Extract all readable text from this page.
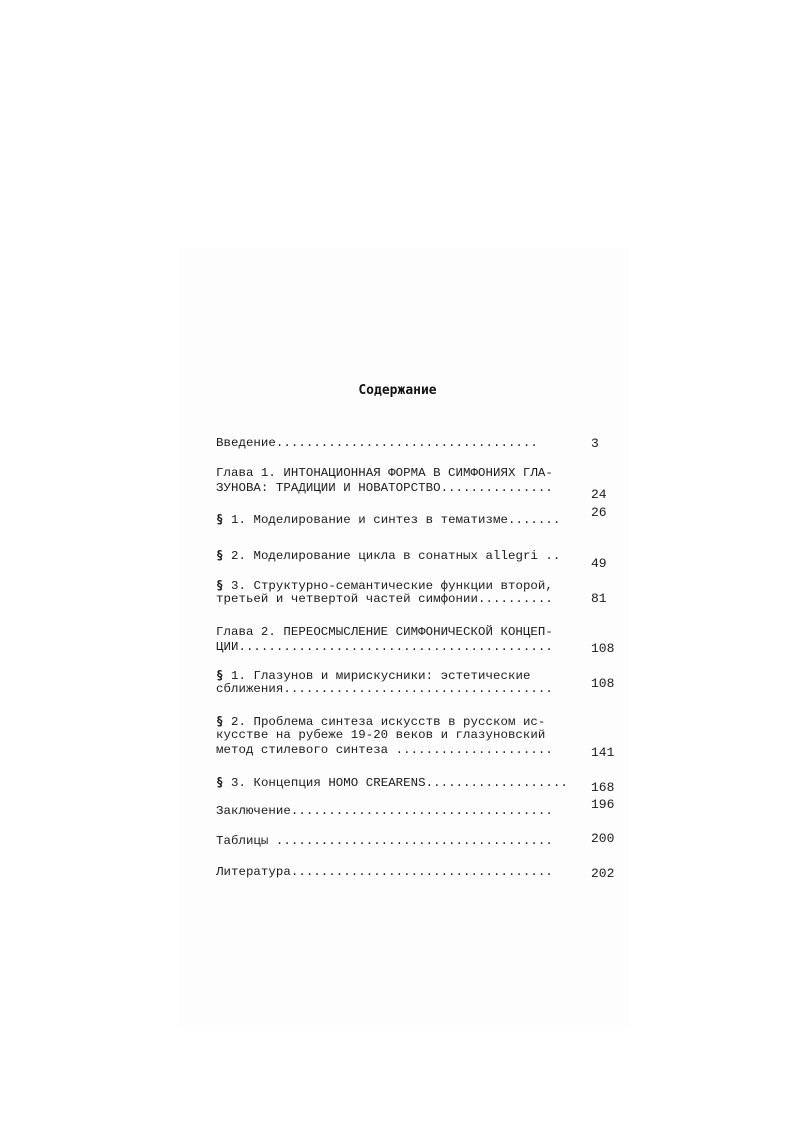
Содержание
Введение...................................	3
Глава 1. ИНТОНАЦИОННАЯ ФОРМА В СИМФОНИЯХ ГЛА-
ЗУНОВА: ТРАДИЦИИ И НОВАТОРСТВО...............	24
§ 1. Моделирование и синтез в тематизме....... 26
§ 2. Моделирование цикла в сонатных allegri .. 49
§ 3. Структурно-семантические функции второй,
третьей и четвертой частей симфонии..........	81
Глава 2. ПЕРЕОСМЫСЛЕНИЕ СИМФОНИЧЕСКОЙ КОНЦЕП-
ЦИИ..........................................	108
§ 1. Глазунов и мирискусники: эстетические
сближения....................................	108
§ 2. Проблема синтеза искусств в русском ис-
кусстве на рубеже 19-20 веков и глазуновский
метод стилевого синтеза .....................	141
§ 3. Концепция HOMO CREARENS................... 168
Заключение...................................	196
Таблицы .....................................	200
Литература...................................	202
